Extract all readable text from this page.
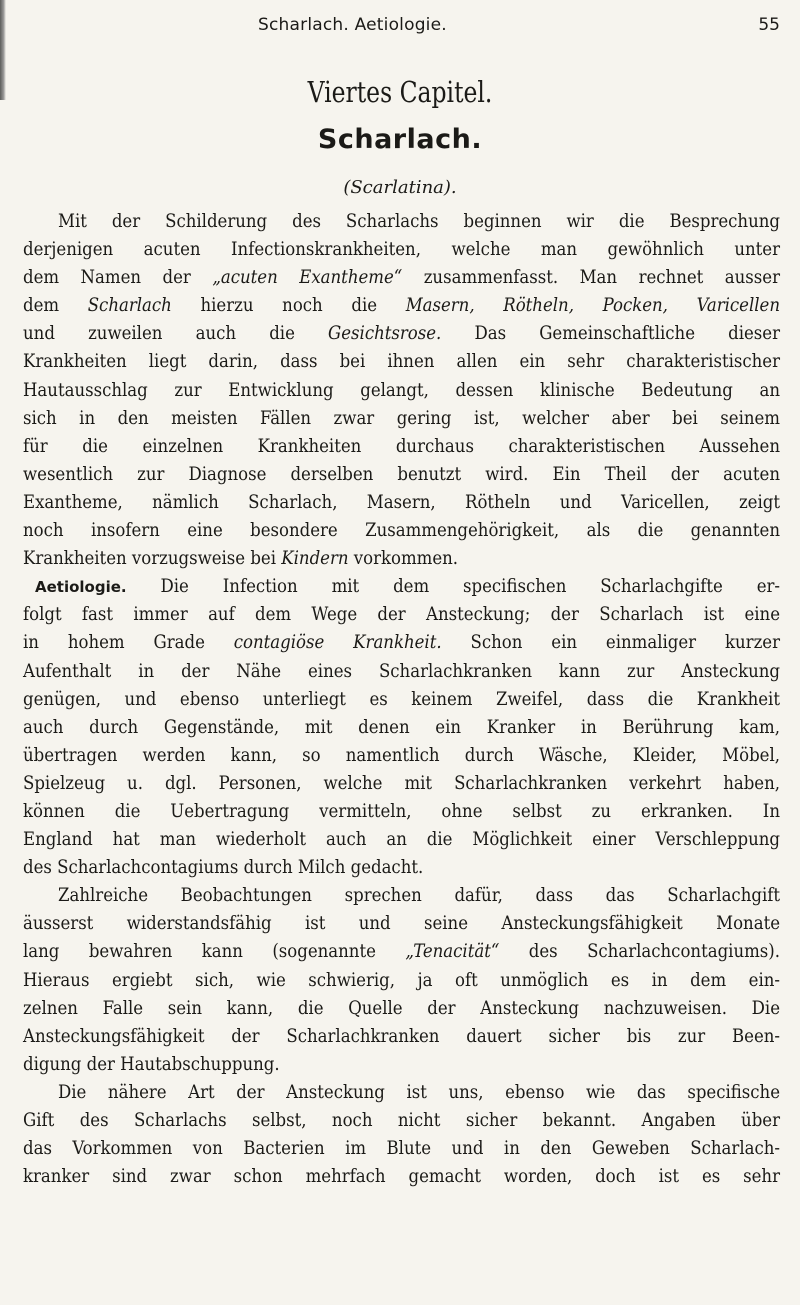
Scharlach. Aetiologie.	55
Viertes Capitel.
Scharlach.
(Scarlatina).
Mit der Schilderung des Scharlachs beginnen wir die Besprechung
derjenigen acuten Infectionskrankheiten, welche man gewöhnlich unter
dem Namen der „acuten Exantheme“ zusammenfasst. Man rechnet ausser
dem Scharlach hierzu noch die Masern, Rötheln, Pocken, Varicellen
und zuweilen auch die Gesichtsrose. Das Gemeinschaftliche dieser
Krankheiten liegt darin, dass bei ihnen allen ein sehr charakteristischer
Hautausschlag zur Entwicklung gelangt, dessen klinische Bedeutung an
sich in den meisten Fällen zwar gering ist, welcher aber bei seinem
für die einzelnen Krankheiten durchaus charakteristischen Aussehen
wesentlich zur Diagnose derselben benutzt wird. Ein Theil der acuten
Exantheme, nämlich Scharlach, Masern, Rötheln und Varicellen, zeigt
noch insofern eine besondere Zusammengehörigkeit, als die genannten
Krankheiten vorzugsweise bei Kindern vorkommen.
Aetiologie. Die Infection mit dem specifischen Scharlachgifte er-
folgt fast immer auf dem Wege der Ansteckung; der Scharlach ist eine
in hohem Grade contagiöse Krankheit. Schon ein einmaliger kurzer
Aufenthalt in der Nähe eines Scharlachkranken kann zur Ansteckung
genügen, und ebenso unterliegt es keinem Zweifel, dass die Krankheit
auch durch Gegenstände, mit denen ein Kranker in Berührung kam,
übertragen werden kann, so namentlich durch Wäsche, Kleider, Möbel,
Spielzeug u. dgl. Personen, welche mit Scharlachkranken verkehrt haben,
können die Uebertragung vermitteln, ohne selbst zu erkranken. In
England hat man wiederholt auch an die Möglichkeit einer Verschleppung
des Scharlachcontagiums durch Milch gedacht.
Zahlreiche Beobachtungen sprechen dafür, dass das Scharlachgift
äusserst widerstandsfähig ist und seine Ansteckungsfähigkeit Monate
lang bewahren kann (sogenannte „Tenacität“ des Scharlachcontagiums).
Hieraus ergiebt sich, wie schwierig, ja oft unmöglich es in dem ein-
zelnen Falle sein kann, die Quelle der Ansteckung nachzuweisen. Die
Ansteckungsfähigkeit der Scharlachkranken dauert sicher bis zur Been-
digung der Hautabschuppung.
Die nähere Art der Ansteckung ist uns, ebenso wie das specifische
Gift des Scharlachs selbst, noch nicht sicher bekannt. Angaben über
das Vorkommen von Bacterien im Blute und in den Geweben Scharlach-
kranker sind zwar schon mehrfach gemacht worden, doch ist es sehr
